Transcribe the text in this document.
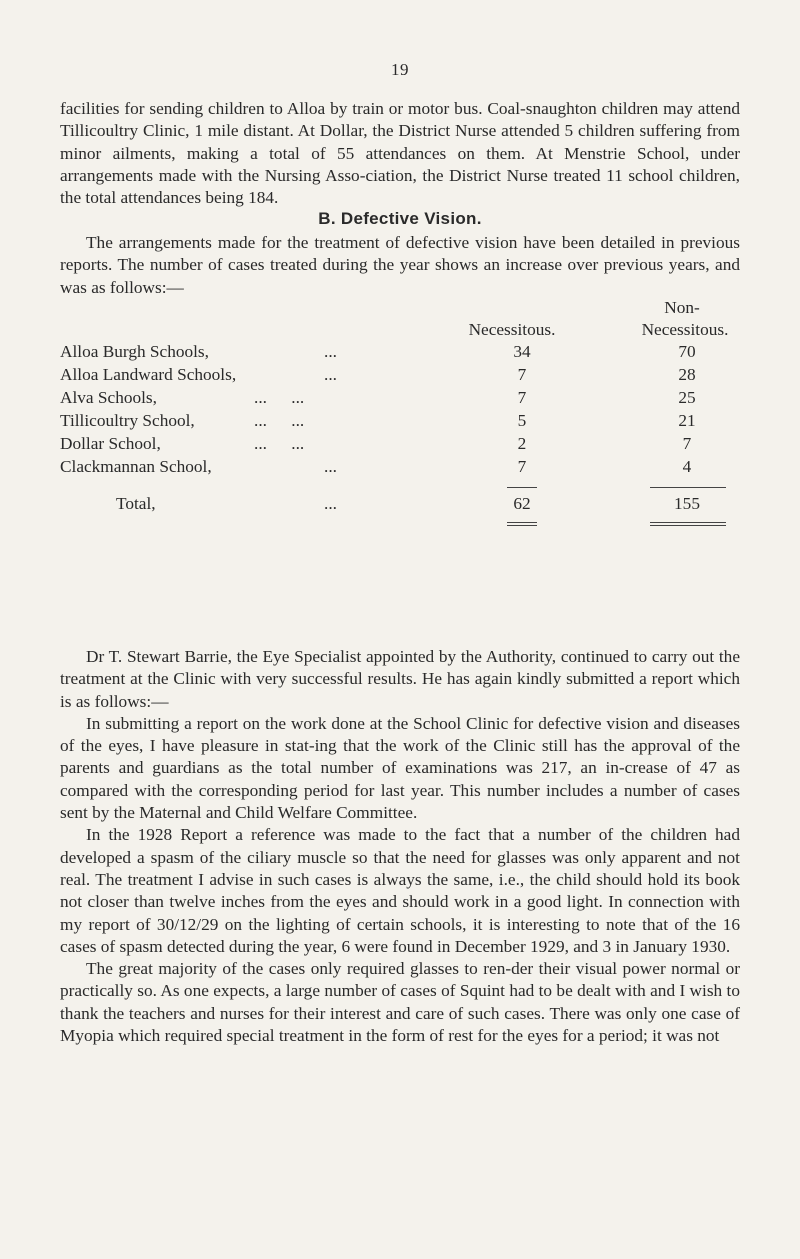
19

facilities for sending children to Alloa by train or motor bus. Coal-snaughton children may attend Tillicoultry Clinic, 1 mile distant. At Dollar, the District Nurse attended 5 children suffering from minor ailments, making a total of 55 attendances on them. At Menstrie School, under arrangements made with the Nursing Asso-ciation, the District Nurse treated 11 school children, the total attendances being 184.

B. Defective Vision.

The arrangements made for the treatment of defective vision have been detailed in previous reports. The number of cases treated during the year shows an increase over previous years, and was as follows:—

Non-
Necessitous.	Necessitous.
Alloa Burgh Schools,	...	34	70
Alloa Landward Schools,	...	7	28
Alva Schools,	... ...	7	25
Tillicoultry School,	... ...	5	21
Dollar School,	... ...	2	7
Clackmannan School,	...	7	4
Total,	...	62	155

Dr T. Stewart Barrie, the Eye Specialist appointed by the Authority, continued to carry out the treatment at the Clinic with very successful results. He has again kindly submitted a report which is as follows:—

In submitting a report on the work done at the School Clinic for defective vision and diseases of the eyes, I have pleasure in stat-ing that the work of the Clinic still has the approval of the parents and guardians as the total number of examinations was 217, an in-crease of 47 as compared with the corresponding period for last year. This number includes a number of cases sent by the Maternal and Child Welfare Committee.

In the 1928 Report a reference was made to the fact that a number of the children had developed a spasm of the ciliary muscle so that the need for glasses was only apparent and not real. The treatment I advise in such cases is always the same, i.e., the child should hold its book not closer than twelve inches from the eyes and should work in a good light. In connection with my report of 30/12/29 on the lighting of certain schools, it is interesting to note that of the 16 cases of spasm detected during the year, 6 were found in December 1929, and 3 in January 1930.

The great majority of the cases only required glasses to ren-der their visual power normal or practically so. As one expects, a large number of cases of Squint had to be dealt with and I wish to thank the teachers and nurses for their interest and care of such cases. There was only one case of Myopia which required special treatment in the form of rest for the eyes for a period; it was not
